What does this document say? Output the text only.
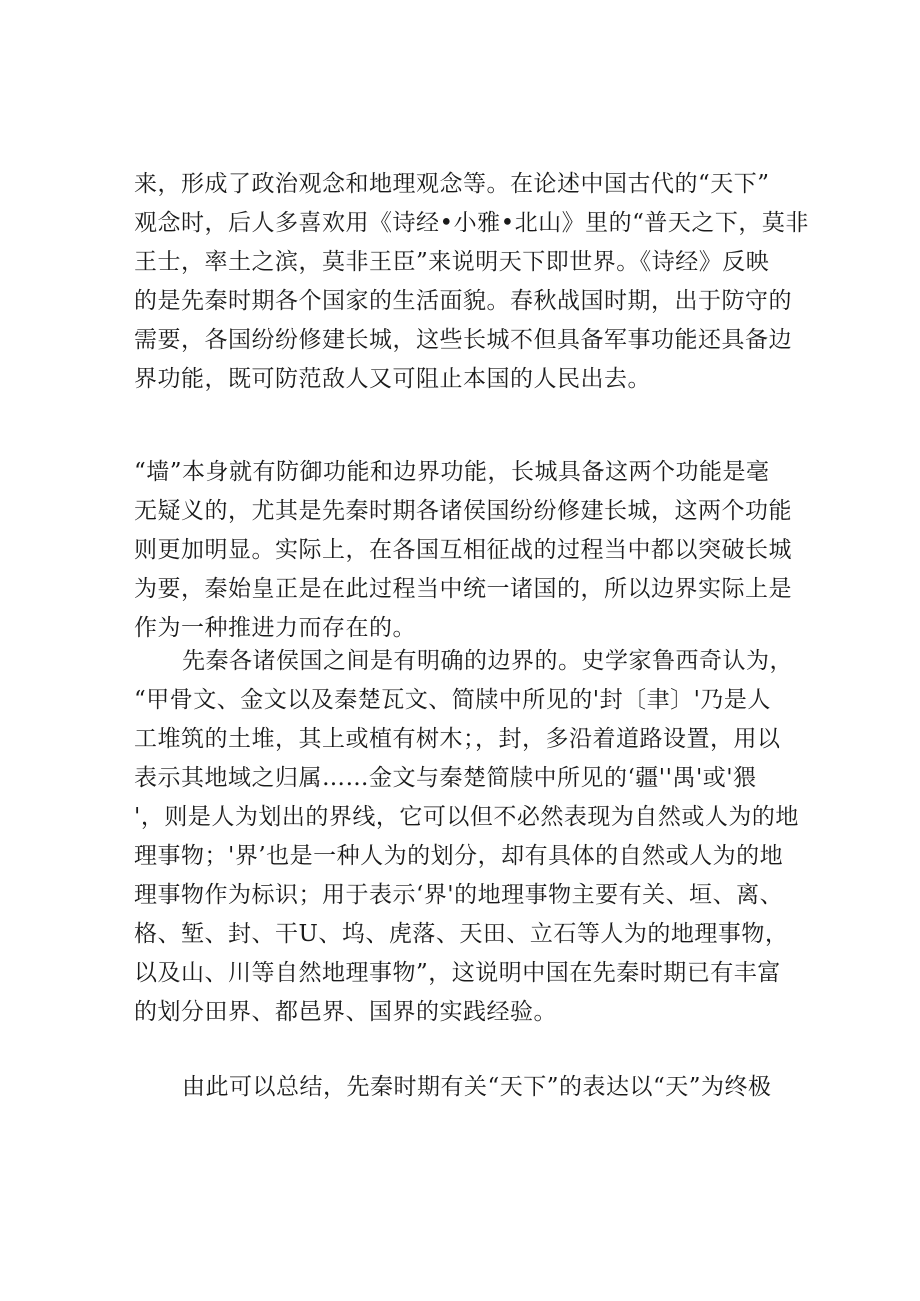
来，形成了政治观念和地理观念等。在论述中国古代的“天下”
观念时，后人多喜欢用《诗经•小雅•北山》里的“普天之下，莫非
王士，率土之滨，莫非王臣”来说明天下即世界。《诗经》反映
的是先秦时期各个国家的生活面貌。春秋战国时期，出于防守的
需要，各国纷纷修建长城，这些长城不但具备军事功能还具备边
界功能，既可防范敌人又可阻止本国的人民出去。
“墙”本身就有防御功能和边界功能，长城具备这两个功能是毫
无疑义的，尤其是先秦时期各诸侯国纷纷修建长城，这两个功能
则更加明显。实际上，在各国互相征战的过程当中都以突破长城
为要，秦始皇正是在此过程当中统一诸国的，所以边界实际上是
作为一种推进力而存在的。
先秦各诸侯国之间是有明确的边界的。史学家鲁西奇认为，
“甲骨文、金文以及秦楚瓦文、简牍中所见的'封〔聿〕'乃是人
工堆筑的土堆，其上或植有树木；，封，多沿着道路设置，用以
表示其地域之归属……金文与秦楚简牍中所见的‘疆''禺'或'猥
'，则是人为划出的界线，它可以但不必然表现为自然或人为的地
理事物；'界’也是一种人为的划分，却有具体的自然或人为的地
理事物作为标识；用于表示‘界'的地理事物主要有关、垣、离、
格、堑、封、干U、坞、虎落、天田、立石等人为的地理事物，
以及山、川等自然地理事物”，这说明中国在先秦时期已有丰富
的划分田界、都邑界、国界的实践经验。
由此可以总结，先秦时期有关“天下”的表达以“天”为终极
